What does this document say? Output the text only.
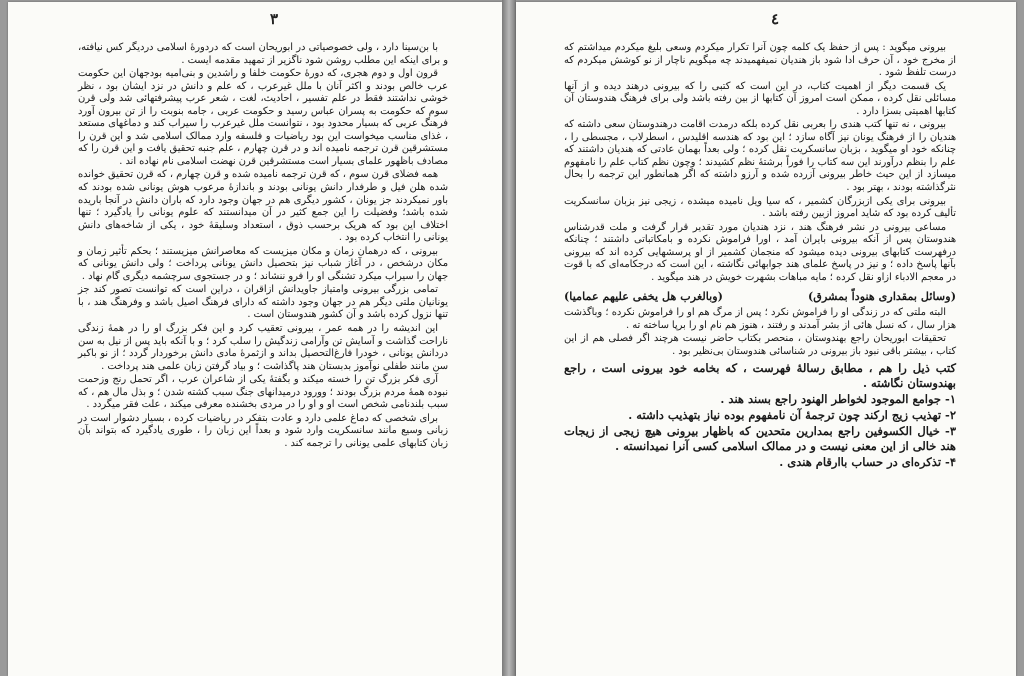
۳

با بن‌سینا دارد ، ولی خصوصیاتی در ابوریحان است که دردورهٔ اسلامی دردیگر کس نیافته، و برای اینکه این مطلب روشن شود ناگزیر از تمهید مقدمه ایست .

قرون اول و دوم هجری، که دورهٔ حکومت خلفا و راشدین و بنی‌امیه بودجهان این حکومت عرب خالص بودند و اکثر آنان با ملل غیرعرب ، که علم و دانش در نزد ایشان بود ، نظر خوشی نداشتند فقط در علم تفسیر ، احادیث، لغت ، شعر عرب پیشرفتهائی شد ولی قرن سوم که حکومت به پسران عباس رسید و حکومت عربی ، جامه بنوبت را از تن بیرون آورد فرهنگ عربی که بسیار محدود بود ، نتوانست ملل غیرعرب را سیراب کند و دماغهای مستعد ، غذای مناسب میخواست این بود ریاضیات و فلسفه وارد ممالک اسلامی شد و این قرن را مستشرقین قرن ترجمه نامیده اند و در قرن چهارم ، علم جنبه تحقیق یافت و این قرن را که مصادف باظهور علمای بسیار است مستشرقین قرن نهضت اسلامی نام نهاده اند .

همه فضلای قرن سوم ، که قرن ترجمه نامیده شده و قرن چهارم ، که قرن تحقیق خوانده شده هلن فیل و طرفدار دانش یونانی بودند و باندازهٔ مرعوب هوش یونانی شده بودند که باور نمیکردند جز یونان ، کشور دیگری هم در جهان وجود دارد که باران دانش در آنجا باریده شده باشد؛ وفضیلت را این جمع کثیر در آن میدانستند که علوم یونانی را یادگیرد ؛ تنها اختلاف این بود که هریک برحسب ذوق ، استعداد وسلیقهٔ خود ، یکی از شاخه‌های دانش یونانی را انتخاب کرده بود .

بیرونی ، که درهمان زمان و مکان میزیست که معاصرانش میزیستند ؛ بحکم تأثیر زمان و مکان درشخص ، در آغاز شباب نیز بتحصیل دانش یونانی پرداخت ؛ ولی دانش یونانی که جهان را سیراب میکرد تشنگی او را فرو ننشاند ؛ و در جستجوی سرچشمه دیگری گام نهاد .

تمامی بزرگی بیرونی وامتیاز جاویدانش ازاقران ، دراین است که توانست تصور کند جز یونانیان ملتی دیگر هم در جهان وجود داشته که دارای فرهنگ اصیل باشد و وفرهنگ هند ، با تنها نزول کرده باشد و آن کشور هندوستان است .

این اندیشه را در همه عمر ، بیرونی تعقیب کرد و این فکر بزرگ او را در همهٔ زندگی ناراحت گذاشت و آسایش تن وآرامی زندگیش را سلب کرد ؛ و با آنکه باید پس از نیل به سن دردانش یونانی ، خودرا فارغ‌التحصیل بداند و ازثمرهٔ مادی دانش برخوردار گردد ؛ از نو باکبر سن مانند طفلی نوآموز بدبستان هند پاگذاشت ؛ و بیاد گرفتن زبان علمی هند پرداخت .

آری فکر بزرگ تن را خسته میکند و بگفتهٔ یکی از شاعران عرب ، اگر تحمل رنج وزحمت نبوده همهٔ مردم بزرگ بودند ؛ وورود درمیدانهای جنگ سبب کشته شدن ؛ و بذل مال هم ، که سبب بلندنامی شخص است او و او را در مردی بخشنده معرفی میکند ، علت فقر میگردد .

برای شخصی که دماغ علمی دارد و عادت بتفکر در ریاضیات کرده ، بسیار دشوار است در زبانی وسیع مانند سانسکریت وارد شود و بعداً این زبان را ، طوری یادگیرد که بتواند بآن زبان کتابهای علمی یونانی را ترجمه کند .

٤

بیرونی میگوید : پس از حفظ یک کلمه چون آنرا تکرار میکردم وسعی بلیغ میکردم میداشتم که از مخرج خود ، آن حرف ادا شود باز هندیان نمیفهمیدند چه میگویم ناچار از نو کوشش میکردم که درست تلفظ شود .

یک قسمت دیگر از اهمیت کتاب، در این است که کتبی را که بیرونی درهند دیده و از آنها مسائلی نقل کرده ، ممکن است امروز آن کتابها از بین رفته باشد ولی برای فرهنگ هندوستان آن کتابها اهمیتی بسزا دارد .

بیرونی ، نه تنها کتب هندی را بعربی نقل کرده بلکه درمدت اقامت درهندوستان سعی داشته که هندیان را از فرهنگ یونان نیز آگاه سازد ؛ این بود که هندسه اقلیدس ، اسطرلاب ، مجسطی را ، چنانکه خود او میگوید ، بزبان سانسکریت نقل کرده ؛ ولی بعداً بهمان عادتی که هندیان داشتند که علم را بنظم درآورند این سه کتاب را فوراً برشتهٔ نظم کشیدند ؛ وچون نظم کتاب علم را نامفهوم میسازد از این حیث خاطر بیرونی آزرده شده و آرزو داشته که اگر همانطور این ترجمه را بحال نثرگذاشته بودند ، بهتر بود .

بیرونی برای یکی ازبزرگان کشمیر ، که سیا ویل نامیده میشده ، زیجی نیز بزبان سانسکریت تألیف کرده بود که شاید امروز ازبین رفته باشد .

مساعی بیرونی در نشر فرهنگ هند ، نزد هندیان مورد تقدیر قرار گرفت و ملت قدرشناس هندوستان پس از آنکه بیرونی بایران آمد ، اورا فراموش نکرده و بامکاتباتی داشتند ؛ چنانکه درفهرست کتابهای بیرونی دیده میشود که منجمان کشمیر از او پرسشهایی کرده اند که بیرونی بآنها پاسخ داده ؛ و نیز در پاسخ علمای هند جوابهائی نگاشته ، این است که درجکامه‌ای که با قوت در معجم الادباء ازاو نقل کرده ؛ مایه مباهات بشهرت خویش در هند میگوید .

(وسائل بمقداری هنوداً بمشرق)
(وبالغرب هل یخفی علیهم عمامیا)

البته ملتی که در زندگی او را فراموش نکرد ؛ پس از مرگ هم او را فراموش نکرده ؛ وباگذشت هزار سال ، که نسل هائی از بشر آمدند و رفتند ، هنوز هم نام او را برپا ساخته ته .

تحقیقات ابوریحان راجع بهندوستان ، منحصر بکتاب حاضر نیست هرچند اگر فصلی هم از این کتاب ، بیشتر باقی نبود باز بیرونی در شناسائی هندوستان بی‌نظیر بود .

کتب ذیل را هم ، مطابق رسالهٔ فهرست ، که بخامه خود بیرونی است ، راجع بهندوستان نگاشته .
۱- جوامع الموجود لخواطر الهنود راجع بسند هند .
۲- تهذیب زیج ارکند چون ترجمهٔ آن نامفهوم بوده نیاز بتهذیب داشته .
۳- خیال الکسوفین راجع بمدارین متحدین که باظهار بیرونی هیچ زیجی از زیجات هند خالی از این معنی نیست و در ممالک اسلامی کسی آنرا نمیدانسته .
۴- تذکره‌ای در حساب باارقام هندی .
